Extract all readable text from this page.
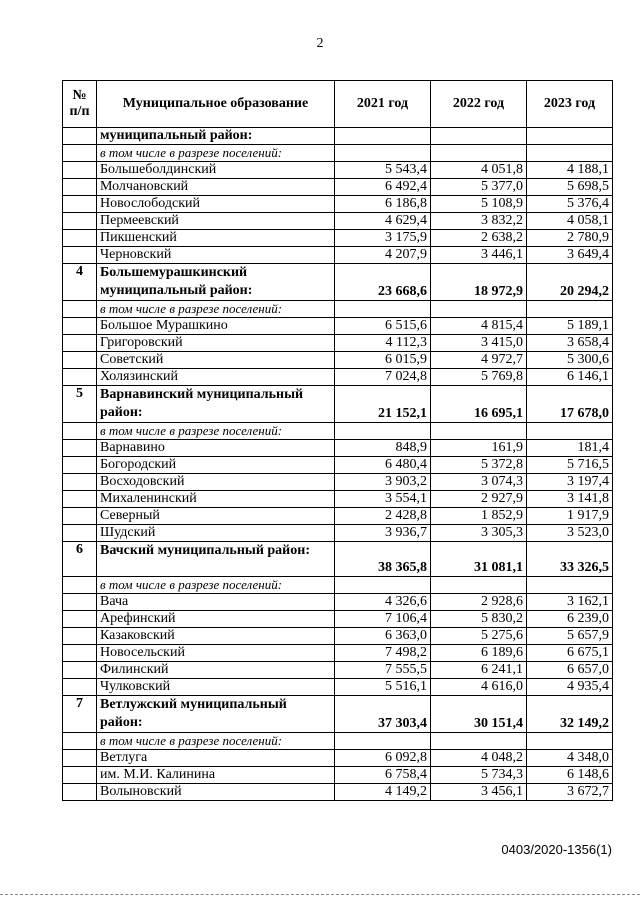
2
№ п/п	Муниципальное образование	2021 год	2022 год	2023 год
	муниципальный район:			
	в том числе в разрезе поселений:			
	Большеболдинский	5 543,4	4 051,8	4 188,1
	Молчановский	6 492,4	5 377,0	5 698,5
	Новослободский	6 186,8	5 108,9	5 376,4
	Пермеевский	4 629,4	3 832,2	4 058,1
	Пикшенский	3 175,9	2 638,2	2 780,9
	Черновский	4 207,9	3 446,1	3 649,4
4	Большемурашкинский муниципальный район:	23 668,6	18 972,9	20 294,2
	в том числе в разрезе поселений:			
	Большое Мурашкино	6 515,6	4 815,4	5 189,1
	Григоровский	4 112,3	3 415,0	3 658,4
	Советский	6 015,9	4 972,7	5 300,6
	Холязинский	7 024,8	5 769,8	6 146,1
5	Варнавинский муниципальный район:	21 152,1	16 695,1	17 678,0
	в том числе в разрезе поселений:			
	Варнавино	848,9	161,9	181,4
	Богородский	6 480,4	5 372,8	5 716,5
	Восходовский	3 903,2	3 074,3	3 197,4
	Михаленинский	3 554,1	2 927,9	3 141,8
	Северный	2 428,8	1 852,9	1 917,9
	Шудский	3 936,7	3 305,3	3 523,0
6	Вачский муниципальный район:	38 365,8	31 081,1	33 326,5
	в том числе в разрезе поселений:			
	Вача	4 326,6	2 928,6	3 162,1
	Арефинский	7 106,4	5 830,2	6 239,0
	Казаковский	6 363,0	5 275,6	5 657,9
	Новосельский	7 498,2	6 189,6	6 675,1
	Филинский	7 555,5	6 241,1	6 657,0
	Чулковский	5 516,1	4 616,0	4 935,4
7	Ветлужский муниципальный район:	37 303,4	30 151,4	32 149,2
	в том числе в разрезе поселений:			
	Ветлуга	6 092,8	4 048,2	4 348,0
	им. М.И. Калинина	6 758,4	5 734,3	6 148,6
	Волыновский	4 149,2	3 456,1	3 672,7
0403/2020-1356(1)
